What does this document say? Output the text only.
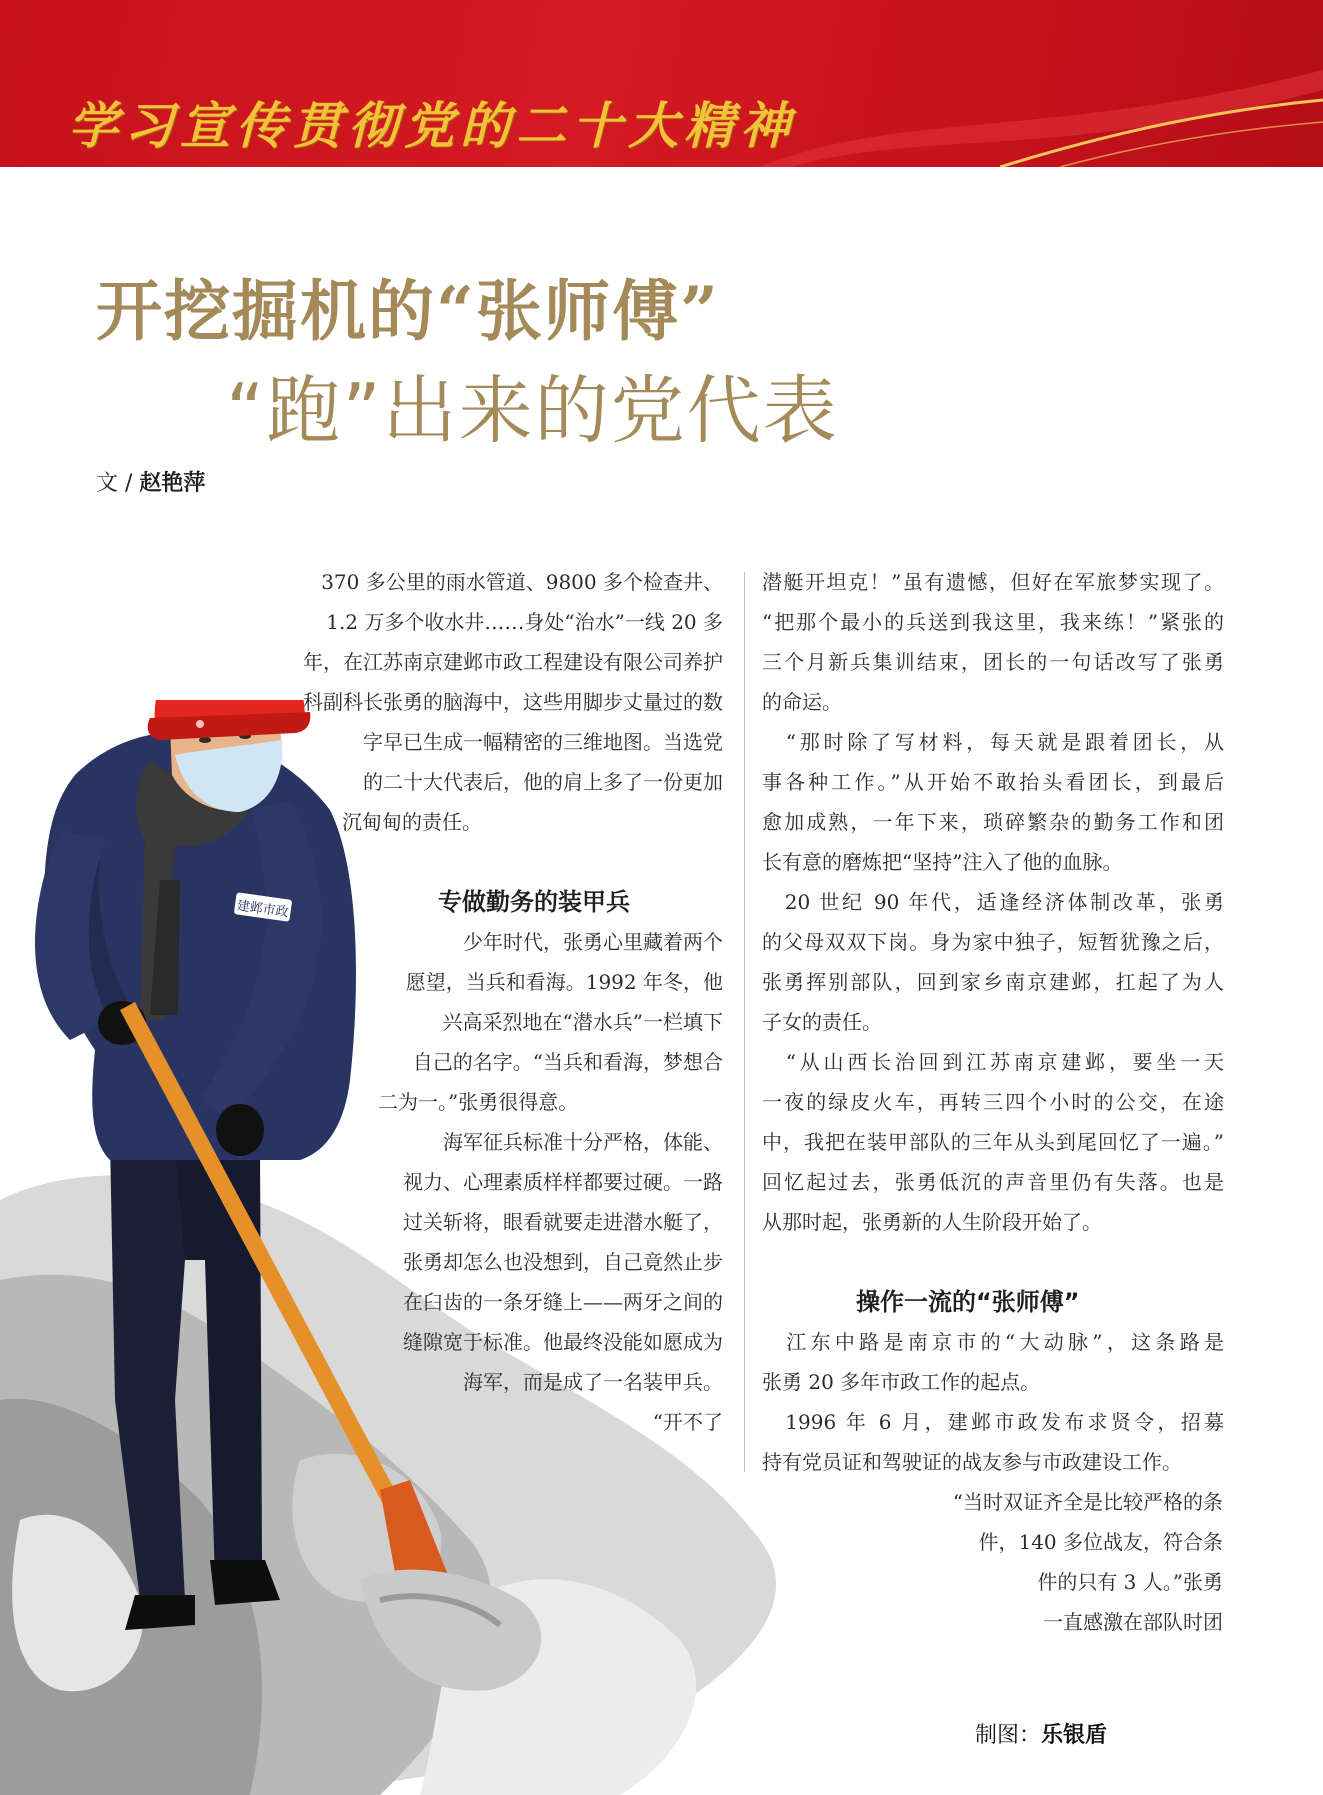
学习宣传贯彻党的二十大精神
开挖掘机的“张师傅”
“跑”出来的党代表
文 / 赵艳萍
建邺市政
370 多公里的雨水管道、9800 多个检查井、
1.2 万多个收水井……身处“治水”一线 20 多
年，在江苏南京建邺市政工程建设有限公司养护
科副科长张勇的脑海中，这些用脚步丈量过的数
字早已生成一幅精密的三维地图。当选党
的二十大代表后，他的肩上多了一份更加
沉甸甸的责任。
专做勤务的装甲兵
少年时代，张勇心里藏着两个
愿望，当兵和看海。1992 年冬，他
兴高采烈地在“潜水兵”一栏填下
自己的名字。“当兵和看海，梦想合
二为一。”张勇很得意。
海军征兵标准十分严格，体能、
视力、心理素质样样都要过硬。一路
过关斩将，眼看就要走进潜水艇了，
张勇却怎么也没想到，自己竟然止步
在臼齿的一条牙缝上——两牙之间的
缝隙宽于标准。他最终没能如愿成为
海军，而是成了一名装甲兵。
“开不了
潜艇开坦克！”虽有遗憾，但好在军旅梦实现了。
“把那个最小的兵送到我这里，我来练！”紧张的
三个月新兵集训结束，团长的一句话改写了张勇
的命运。
　“那时除了写材料，每天就是跟着团长，从
事各种工作。”从开始不敢抬头看团长，到最后
愈加成熟，一年下来，琐碎繁杂的勤务工作和团
长有意的磨炼把“坚持”注入了他的血脉。
　20 世纪 90 年代，适逢经济体制改革，张勇
的父母双双下岗。身为家中独子，短暂犹豫之后，
张勇挥别部队，回到家乡南京建邺，扛起了为人
子女的责任。
　“从山西长治回到江苏南京建邺，要坐一天
一夜的绿皮火车，再转三四个小时的公交，在途
中，我把在装甲部队的三年从头到尾回忆了一遍。”
回忆起过去，张勇低沉的声音里仍有失落。也是
从那时起，张勇新的人生阶段开始了。
操作一流的“张师傅”
　江东中路是南京市的“大动脉”，这条路是
张勇 20 多年市政工作的起点。
　1996 年 6 月，建邺市政发布求贤令，招募
持有党员证和驾驶证的战友参与市政建设工作。
“当时双证齐全是比较严格的条
件，140 多位战友，符合条
件的只有 3 人。”张勇
一直感激在部队时团
制图：乐银盾
